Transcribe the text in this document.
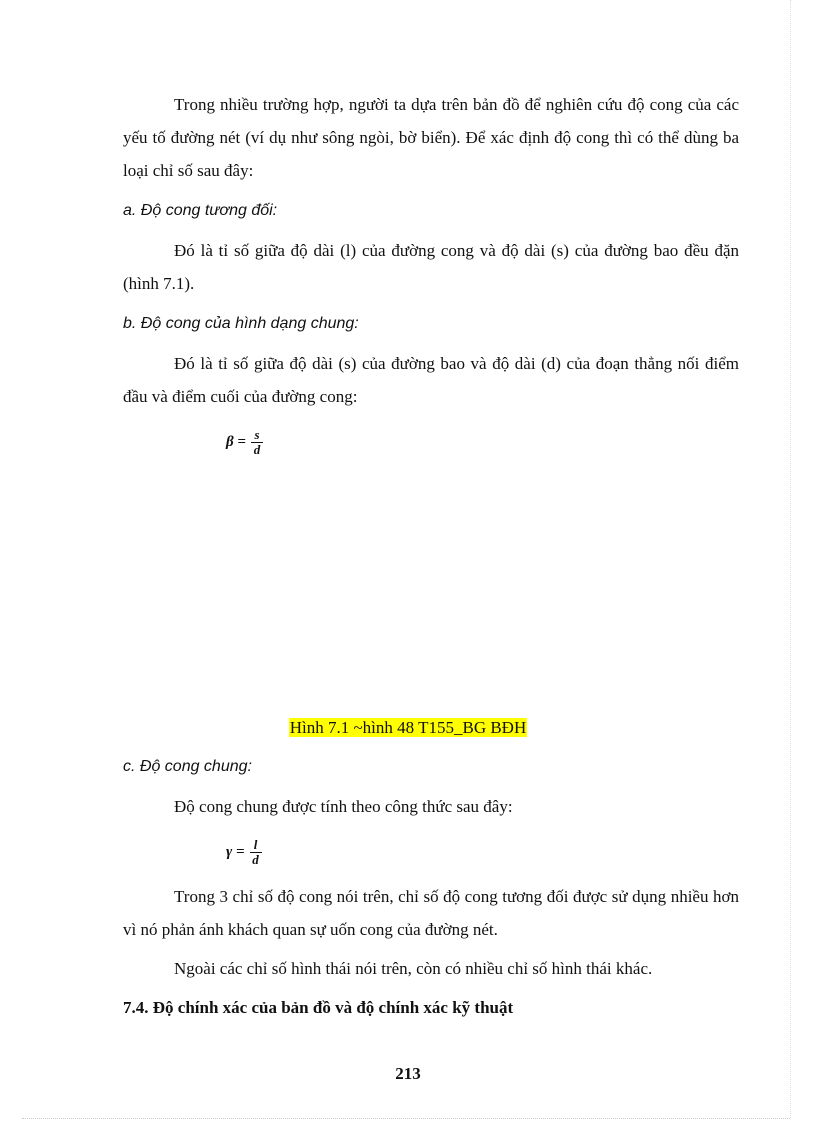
Trong nhiều trường hợp, người ta dựa trên bản đồ để nghiên cứu độ cong của các yếu tố đường nét (ví dụ như sông ngòi, bờ biển). Để xác định độ cong thì có thể dùng ba loại chỉ số sau đây:

a. Độ cong tương đối:

Đó là tỉ số giữa độ dài (l) của đường cong và độ dài (s) của đường bao đều đặn (hình 7.1).

b. Độ cong của hình dạng chung:

Đó là tỉ số giữa độ dài (s) của đường bao và độ dài (d) của đoạn thẳng nối điểm đầu và điểm cuối của đường cong:

$\beta = \frac{s}{d}$
Hình 7.1 ~hình 48 T155_BG BĐH
c. Độ cong chung:

Độ cong chung được tính theo công thức sau đây:

$\gamma = \frac{l}{d}$

Trong 3 chỉ số độ cong nói trên, chỉ số độ cong tương đối được sử dụng nhiều hơn vì nó phản ánh khách quan sự uốn cong của đường nét.

Ngoài các chỉ số hình thái nói trên, còn có nhiều chỉ số hình thái khác.

7.4. Độ chính xác của bản đồ và độ chính xác kỹ thuật
213
